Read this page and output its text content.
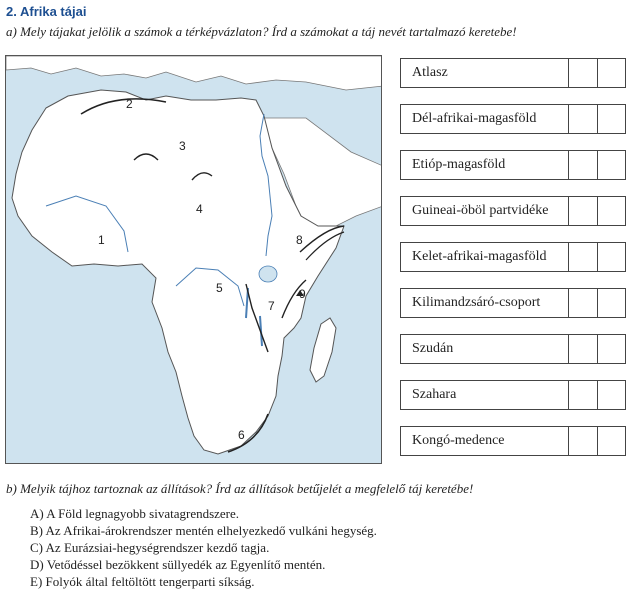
2. Afrika tájai
a) Mely tájakat jelölik a számok a térképvázlaton? Írd a számokat a táj nevét tartalmazó keretebe!
1
2
3
4
5
6
7
8
9
Atlasz
Dél-afrikai-magasföld
Etióp-magasföld
Guineai-öböl partvidéke
Kelet-afrikai-magasföld
Kilimandzsáró-csoport
Szudán
Szahara
Kongó-medence
b) Melyik tájhoz tartoznak az állítások? Írd az állítások betűjelét a megfelelő táj keretébe!
A) A Föld legnagyobb sivatagrendszere.
B) Az Afrikai-árokrendszer mentén elhelyezkedő vulkáni hegység.
C) Az Eurázsiai-hegységrendszer kezdő tagja.
D) Vetődéssel bezökkent süllyedék az Egyenlítő mentén.
E) Folyók által feltöltött tengerparti síkság.
